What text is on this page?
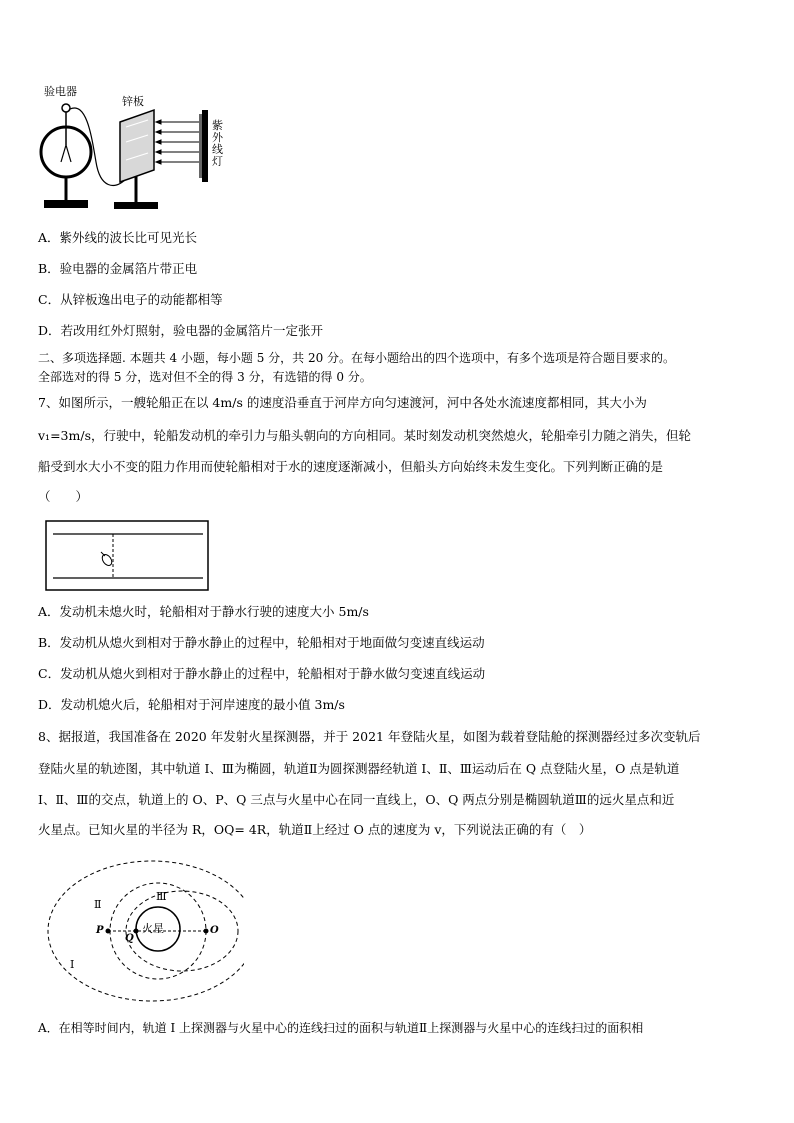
验电器
锌板
紫外线灯
A．紫外线的波长比可见光长
B．验电器的金属箔片带正电
C．从锌板逸出电子的动能都相等
D．若改用红外灯照射，验电器的金属箔片一定张开
二、多项选择题. 本题共 4 小题，每小题 5 分，共 20 分。在每小题给出的四个选项中，有多个选项是符合题目要求的。
全部选对的得 5 分，选对但不全的得 3 分，有选错的得 0 分。
7、如图所示，一艘轮船正在以 4m/s 的速度沿垂直于河岸方向匀速渡河，河中各处水流速度都相同，其大小为
v₁=3m/s，行驶中，轮船发动机的牵引力与船头朝向的方向相同。某时刻发动机突然熄火，轮船牵引力随之消失，但轮
船受到水大小不变的阻力作用而使轮船相对于水的速度逐渐减小，但船头方向始终未发生变化。下列判断正确的是
（　　）
A．发动机未熄火时，轮船相对于静水行驶的速度大小 5m/s
B．发动机从熄火到相对于静水静止的过程中，轮船相对于地面做匀变速直线运动
C．发动机从熄火到相对于静水静止的过程中，轮船相对于静水做匀变速直线运动
D．发动机熄火后，轮船相对于河岸速度的最小值 3m/s
8、据报道，我国准备在 2020 年发射火星探测器，并于 2021 年登陆火星，如图为载着登陆舱的探测器经过多次变轨后
登陆火星的轨迹图，其中轨道 I、Ⅲ为椭圆，轨道Ⅱ为圆探测器经轨道 I、Ⅱ、Ⅲ运动后在 Q 点登陆火星，O 点是轨道
I、Ⅱ、Ⅲ的交点，轨道上的 O、P、Q 三点与火星中心在同一直线上，O、Q 两点分别是椭圆轨道Ⅲ的远火星点和近
火星点。已知火星的半径为 R，OQ= 4R，轨道Ⅱ上经过 O 点的速度为 v，下列说法正确的有（　）
火星
Ⅱ
Ⅲ
I
P
Q
O
A．在相等时间内，轨道 I 上探测器与火星中心的连线扫过的面积与轨道Ⅱ上探测器与火星中心的连线扫过的面积相
